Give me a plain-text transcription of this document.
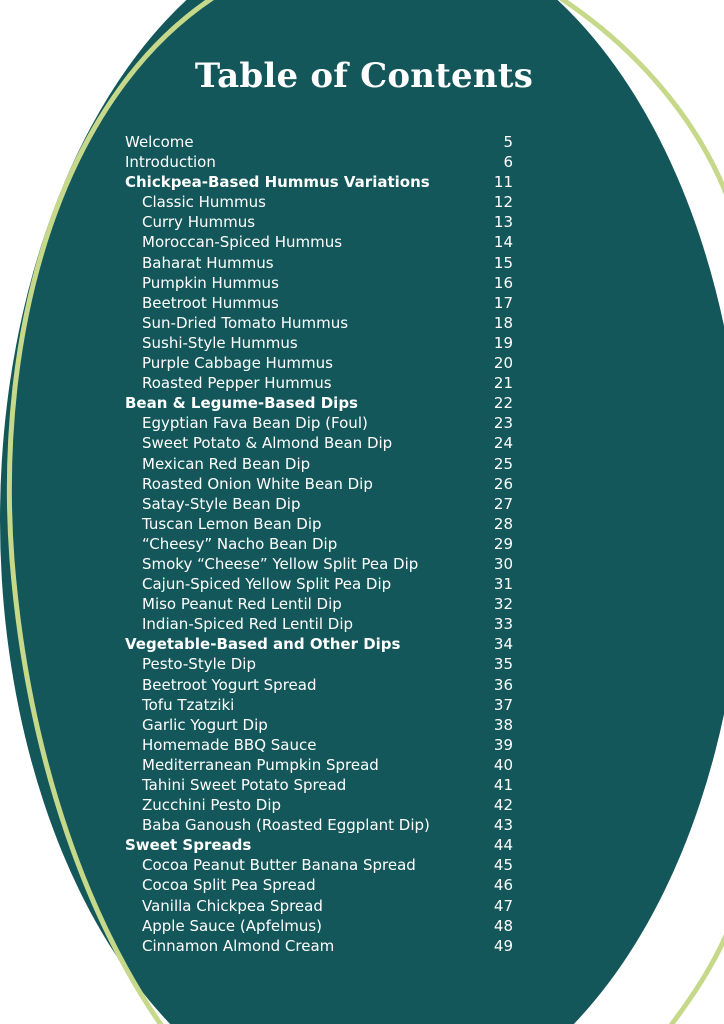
Table of Contents
Welcome	5
Introduction	6
Chickpea-Based Hummus Variations	11
Classic Hummus	12
Curry Hummus	13
Moroccan-Spiced Hummus	14
Baharat Hummus	15
Pumpkin Hummus	16
Beetroot Hummus	17
Sun-Dried Tomato Hummus	18
Sushi-Style Hummus	19
Purple Cabbage Hummus	20
Roasted Pepper Hummus	21
Bean & Legume-Based Dips	22
Egyptian Fava Bean Dip (Foul)	23
Sweet Potato & Almond Bean Dip	24
Mexican Red Bean Dip	25
Roasted Onion White Bean Dip	26
Satay-Style Bean Dip	27
Tuscan Lemon Bean Dip	28
“Cheesy” Nacho Bean Dip	29
Smoky “Cheese” Yellow Split Pea Dip	30
Cajun-Spiced Yellow Split Pea Dip	31
Miso Peanut Red Lentil Dip	32
Indian-Spiced Red Lentil Dip	33
Vegetable-Based and Other Dips	34
Pesto-Style Dip	35
Beetroot Yogurt Spread	36
Tofu Tzatziki	37
Garlic Yogurt Dip	38
Homemade BBQ Sauce	39
Mediterranean Pumpkin Spread	40
Tahini Sweet Potato Spread	41
Zucchini Pesto Dip	42
Baba Ganoush (Roasted Eggplant Dip)	43
Sweet Spreads	44
Cocoa Peanut Butter Banana Spread	45
Cocoa Split Pea Spread	46
Vanilla Chickpea Spread	47
Apple Sauce (Apfelmus)	48
Cinnamon Almond Cream	49
